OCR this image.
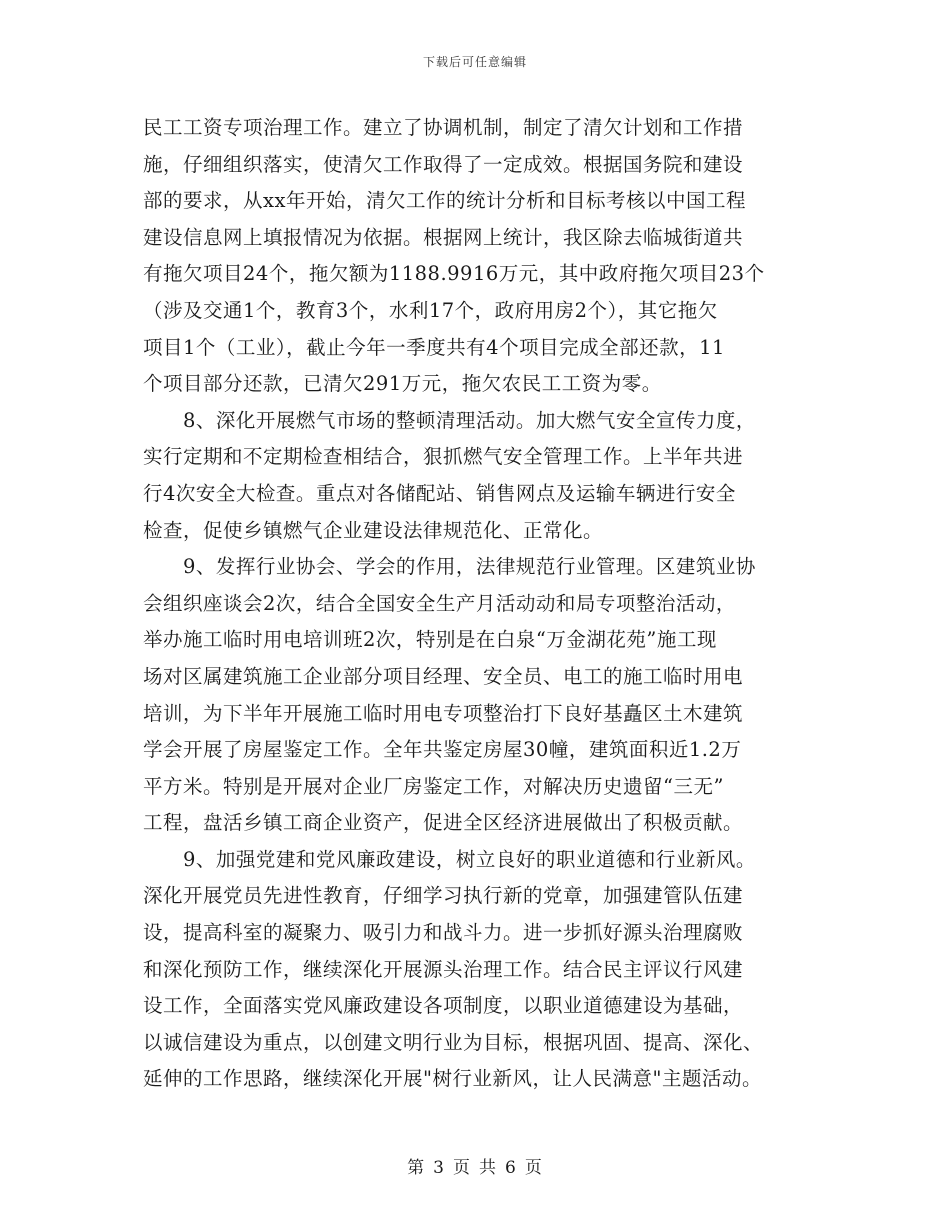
下载后可任意编辑
民工工资专项治理工作。建立了协调机制，制定了清欠计划和工作措
施，仔细组织落实，使清欠工作取得了一定成效。根据国务院和建设
部的要求，从xx年开始，清欠工作的统计分析和目标考核以中国工程
建设信息网上填报情况为依据。根据网上统计，我区除去临城街道共
有拖欠项目24个，拖欠额为1188.9916万元，其中政府拖欠项目23个
（涉及交通1个，教育3个，水利17个，政府用房2个），其它拖欠
项目1个（工业），截止今年一季度共有4个项目完成全部还款，11
个项目部分还款，已清欠291万元，拖欠农民工工资为零。
　　8、深化开展燃气市场的整顿清理活动。加大燃气安全宣传力度，
实行定期和不定期检查相结合，狠抓燃气安全管理工作。上半年共进
行4次安全大检查。重点对各储配站、销售网点及运输车辆进行安全
检查，促使乡镇燃气企业建设法律规范化、正常化。
　　9、发挥行业协会、学会的作用，法律规范行业管理。区建筑业协
会组织座谈会2次，结合全国安全生产月活动动和局专项整治活动，
举办施工临时用电培训班2次，特别是在白泉“万金湖花苑”施工现
场对区属建筑施工企业部分项目经理、安全员、电工的施工临时用电
培训，为下半年开展施工临时用电专项整治打下良好基矗区土木建筑
学会开展了房屋鉴定工作。全年共鉴定房屋30幢，建筑面积近1.2万
平方米。特别是开展对企业厂房鉴定工作，对解决历史遗留“三无”
工程，盘活乡镇工商企业资产，促进全区经济进展做出了积极贡献。
　　9、加强党建和党风廉政建设，树立良好的职业道德和行业新风。
深化开展党员先进性教育，仔细学习执行新的党章，加强建管队伍建
设，提高科室的凝聚力、吸引力和战斗力。进一步抓好源头治理腐败
和深化预防工作，继续深化开展源头治理工作。结合民主评议行风建
设工作，全面落实党风廉政建设各项制度，以职业道德建设为基础，
以诚信建设为重点，以创建文明行业为目标，根据巩固、提高、深化、
延伸的工作思路，继续深化开展"树行业新风，让人民满意"主题活动。
第 3 页 共 6 页
